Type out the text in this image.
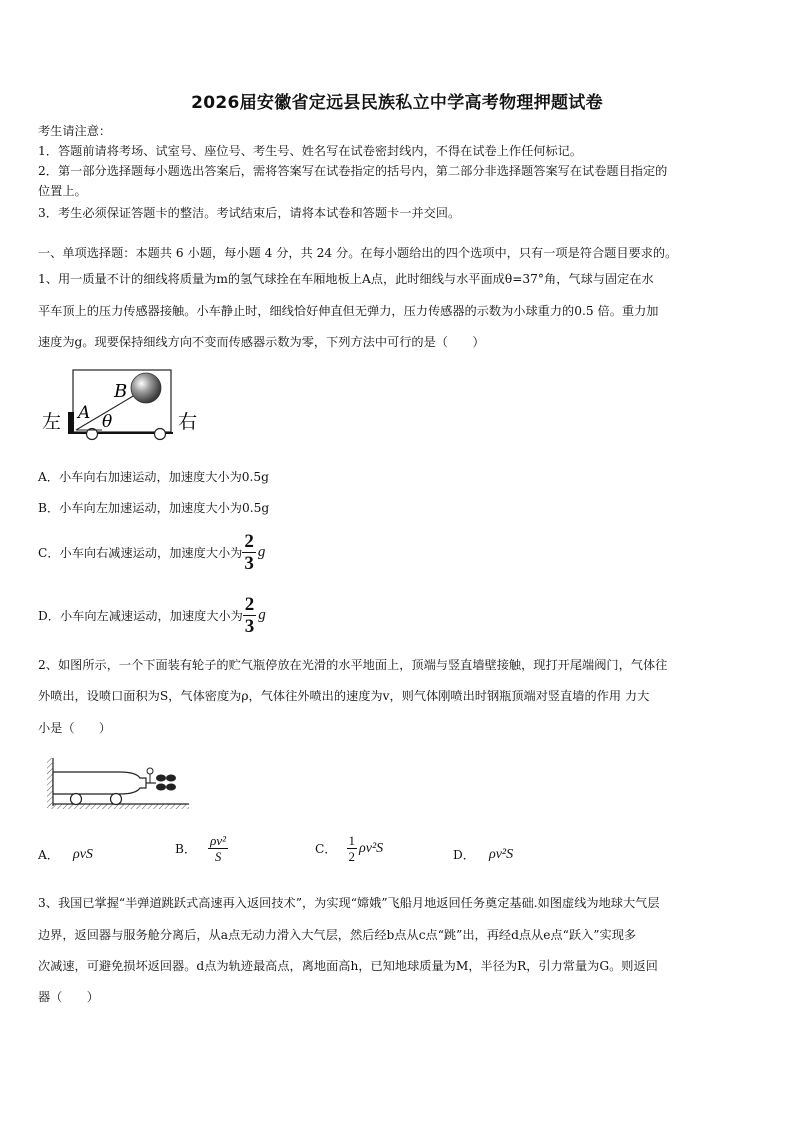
2026届安徽省定远县民族私立中学高考物理押题试卷
考生请注意：
1．答题前请将考场、试室号、座位号、考生号、姓名写在试卷密封线内，不得在试卷上作任何标记。
2．第一部分选择题每小题选出答案后，需将答案写在试卷指定的括号内，第二部分非选择题答案写在试卷题目指定的
位置上。
3．考生必须保证答题卡的整洁。考试结束后，请将本试卷和答题卡一并交回。
一、单项选择题：本题共 6 小题，每小题 4 分，共 24 分。在每小题给出的四个选项中，只有一项是符合题目要求的。
1、用一质量不计的细线将质量为m的氢气球拴在车厢地板上A点，此时细线与水平面成θ=37°角，气球与固定在水
平车顶上的压力传感器接触。小车静止时，细线恰好伸直但无弹力，压力传感器的示数为小球重力的0.5 倍。重力加
速度为g。现要保持细线方向不变而传感器示数为零，下列方法中可行的是（　　）
B
A θ
左	右
A．小车向右加速运动，加速度大小为0.5g
B．小车向左加速运动，加速度大小为0.5g
C．小车向右减速运动，加速度大小为 $\frac{2}{3}$ g
D．小车向左减速运动，加速度大小为 $\frac{2}{3}$ g
2、如图所示，一个下面装有轮子的贮气瓶停放在光滑的水平地面上，顶端与竖直墙壁接触，现打开尾端阀门，气体往
外喷出，设喷口面积为S，气体密度为ρ，气体往外喷出的速度为v，则气体刚喷出时钢瓶顶端对竖直墙的作用 力大
小是（　　）
A． ρvS	B． $\frac{\text{ρv²}}{S}$	C． $\frac{1}{2} \rho v^2S$	D． ρv²S
3、我国已掌握“半弹道跳跃式高速再入返回技术”，为实现“嫦娥”飞船月地返回任务奠定基础.如图虚线为地球大气层
边界，返回器与服务舱分离后，从a点无动力滑入大气层，然后经b点从c点“跳”出，再经d点从e点“跃入”实现多
次减速，可避免损坏返回器。d点为轨迹最高点，离地面高h，已知地球质量为M，半径为R，引力常量为G。则返回
器（　　）
